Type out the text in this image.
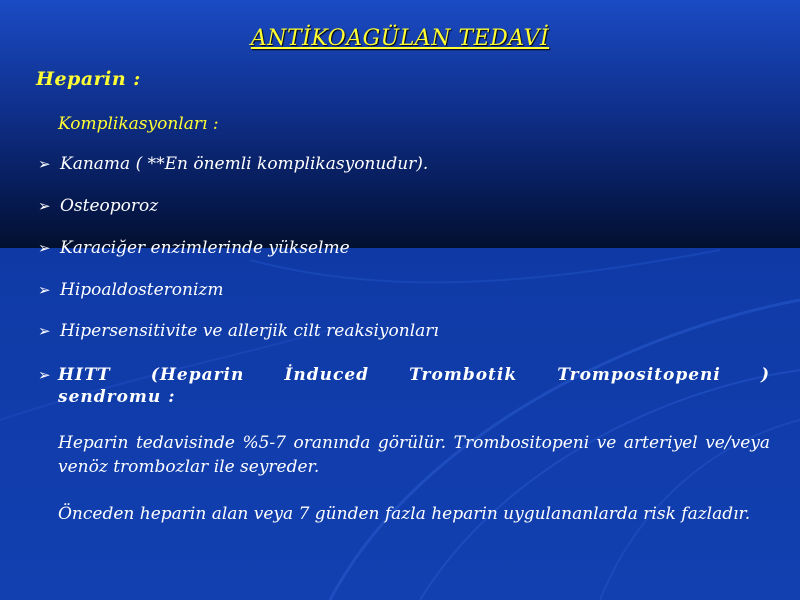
ANTİKOAGÜLAN TEDAVİ
Heparin :
Komplikasyonları :
➢ Kanama ( **En önemli komplikasyonudur).
➢ Osteoporoz
➢ Karaciğer enzimlerinde yükselme
➢ Hipoaldosteronizm
➢ Hipersensitivite ve allerjik cilt reaksiyonları
➢ HITT (Heparin İnduced Trombotik Trompositopeni )
sendromu :
Heparin tedavisinde %5-7 oranında görülür. Trombositopeni ve arteriyel ve/veya venöz trombozlar ile seyreder.
Önceden heparin alan veya 7 günden fazla heparin uygulananlarda risk fazladır.
